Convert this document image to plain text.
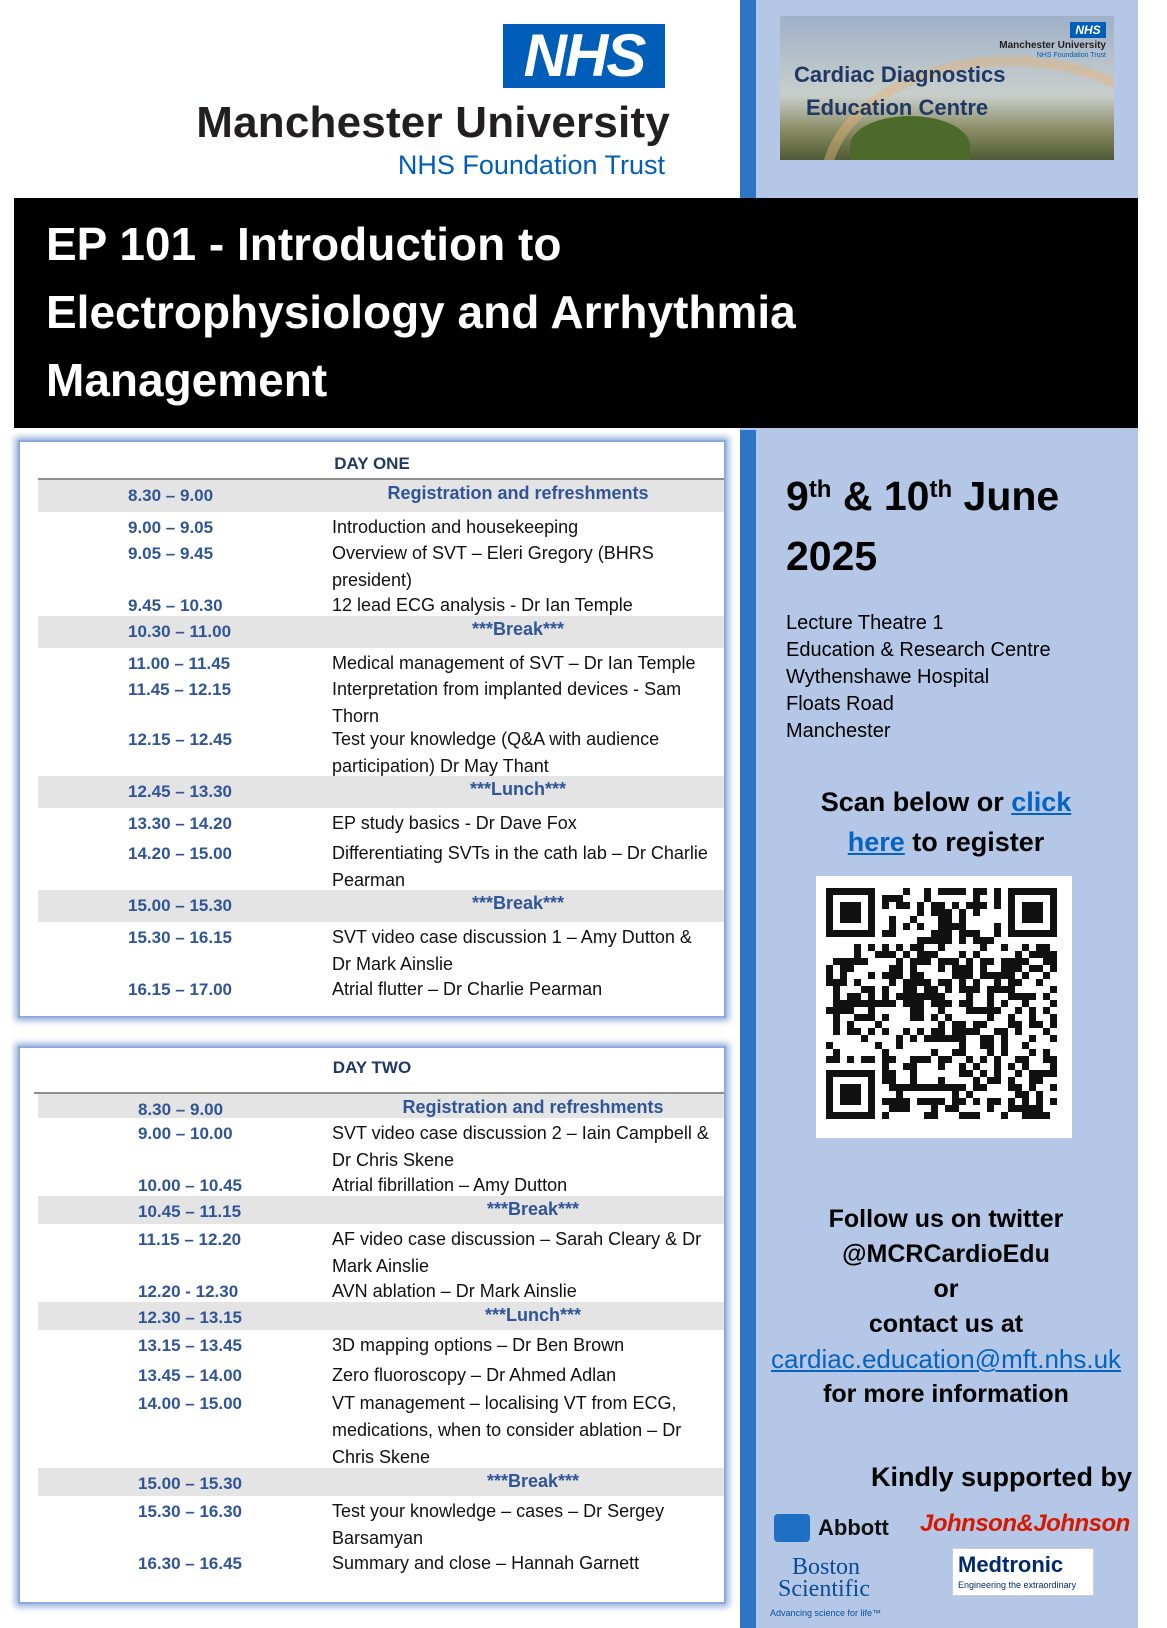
NHS
Manchester University
NHS Foundation Trust
NHS
Manchester University
NHS Foundation Trust
Cardiac Diagnostics
Education Centre
EP 101 - Introduction to
Electrophysiology and Arrhythmia
Management
DAY ONE
8.30 – 9.00	Registration and refreshments
9.00 – 9.05	Introduction and housekeeping
9.05 – 9.45	Overview of SVT – Eleri Gregory (BHRS president)
9.45 – 10.30	12 lead ECG analysis - Dr Ian Temple
10.30 – 11.00	***Break***
11.00 – 11.45	Medical management of SVT – Dr Ian Temple
11.45 – 12.15	Interpretation from implanted devices - Sam Thorn
12.15 – 12.45	Test your knowledge (Q&A with audience participation) Dr May Thant
12.45 – 13.30	***Lunch***
13.30 – 14.20	EP study basics - Dr Dave Fox
14.20 – 15.00	Differentiating SVTs in the cath lab – Dr Charlie Pearman
15.00 – 15.30	***Break***
15.30 – 16.15	SVT video case discussion 1 – Amy Dutton & Dr Mark Ainslie
16.15 – 17.00	Atrial flutter – Dr Charlie Pearman
DAY TWO
8.30 – 9.00	Registration and refreshments
9.00 – 10.00	SVT video case discussion 2 – Iain Campbell & Dr Chris Skene
10.00 – 10.45	Atrial fibrillation – Amy Dutton
10.45 – 11.15	***Break***
11.15 – 12.20	AF video case discussion – Sarah Cleary & Dr Mark Ainslie
12.20 - 12.30	AVN ablation – Dr Mark Ainslie
12.30 – 13.15	***Lunch***
13.15 – 13.45	3D mapping options – Dr Ben Brown
13.45 – 14.00	Zero fluoroscopy – Dr Ahmed Adlan
14.00 – 15.00	VT management – localising VT from ECG, medications, when to consider ablation – Dr Chris Skene
15.00 – 15.30	***Break***
15.30 – 16.30	Test your knowledge – cases – Dr Sergey Barsamyan
16.30 – 16.45	Summary and close – Hannah Garnett
9th & 10th June
2025
Lecture Theatre 1
Education & Research Centre
Wythenshawe Hospital
Floats Road
Manchester
Scan below or click
here to register
Follow us on twitter
@MCRCardioEdu
or
contact us at
cardiac.education@mft.nhs.uk
for more information
Kindly supported by
Abbott Johnson&Johnson
Boston
Scientific
Advancing science for life™
Medtronic
Engineering the extraordinary
